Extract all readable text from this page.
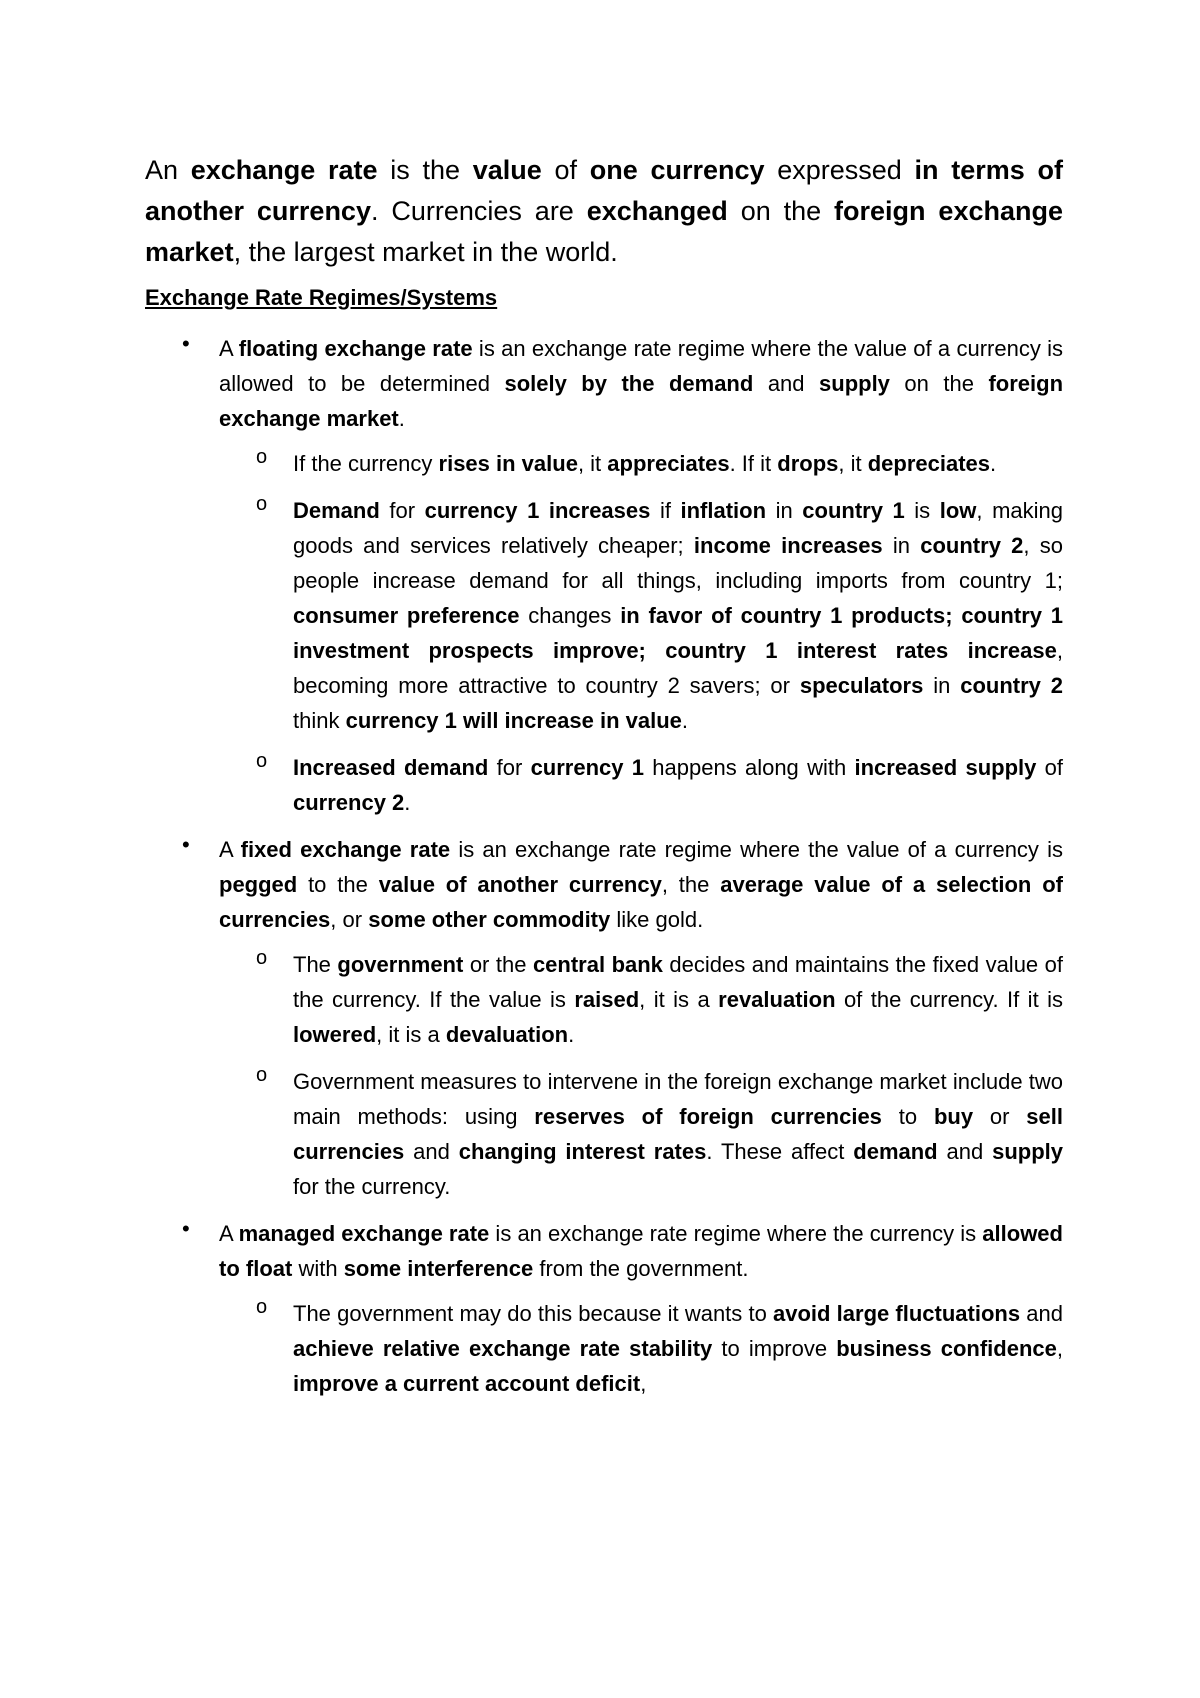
An exchange rate is the value of one currency expressed in terms of another currency. Currencies are exchanged on the foreign exchange market, the largest market in the world.

Exchange Rate Regimes/Systems
• A floating exchange rate is an exchange rate regime where the value of a currency is allowed to be determined solely by the demand and supply on the foreign exchange market.
o If the currency rises in value, it appreciates. If it drops, it depreciates.
o Demand for currency 1 increases if inflation in country 1 is low, making goods and services relatively cheaper; income increases in country 2, so people increase demand for all things, including imports from country 1; consumer preference changes in favor of country 1 products; country 1 investment prospects improve; country 1 interest rates increase, becoming more attractive to country 2 savers; or speculators in country 2 think currency 1 will increase in value.
o Increased demand for currency 1 happens along with increased supply of currency 2.
• A fixed exchange rate is an exchange rate regime where the value of a currency is pegged to the value of another currency, the average value of a selection of currencies, or some other commodity like gold.
o The government or the central bank decides and maintains the fixed value of the currency. If the value is raised, it is a revaluation of the currency. If it is lowered, it is a devaluation.
o Government measures to intervene in the foreign exchange market include two main methods: using reserves of foreign currencies to buy or sell currencies and changing interest rates. These affect demand and supply for the currency.
• A managed exchange rate is an exchange rate regime where the currency is allowed to float with some interference from the government.
o The government may do this because it wants to avoid large fluctuations and achieve relative exchange rate stability to improve business confidence, improve a current account deficit,
